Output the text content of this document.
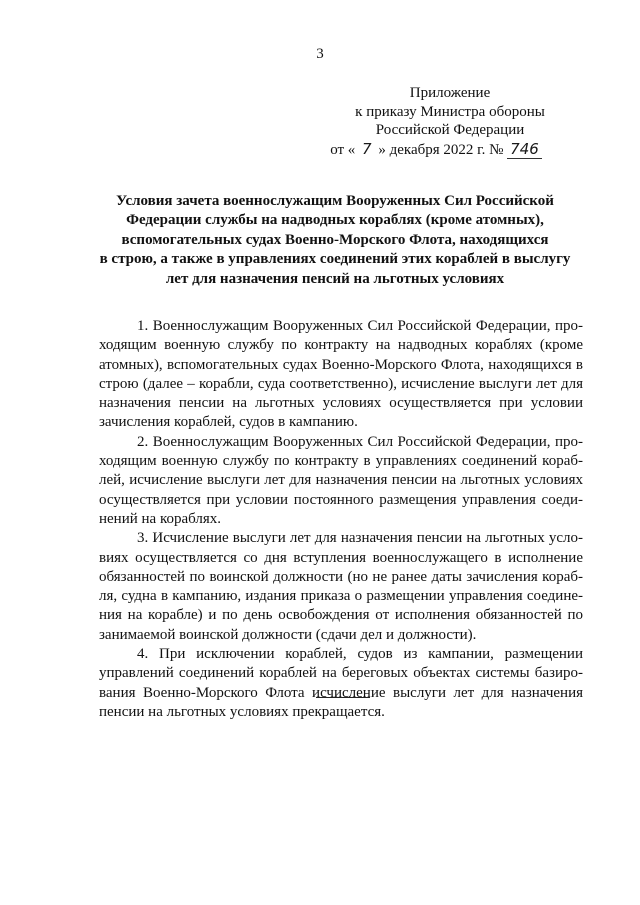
3
Приложение
к приказу Министра обороны
Российской Федерации
от « 7 » декабря 2022 г. № 746
Условия зачета военнослужащим Вооруженных Сил Российской
Федерации службы на надводных кораблях (кроме атомных),
вспомогательных судах Военно-Морского Флота, находящихся
в строю, а также в управлениях соединений этих кораблей в выслугу
лет для назначения пенсий на льготных условиях

1. Военнослужащим Вооруженных Сил Российской Федерации, проходящим военную службу по контракту на надводных кораблях (кроме атомных), вспомогательных судах Военно-Морского Флота, находящихся в строю (далее – корабли, суда соответственно), исчисление выслуги лет для назначения пенсии на льготных условиях осуществляется при условии зачисления кораблей, судов в кампанию.

2. Военнослужащим Вооруженных Сил Российской Федерации, проходящим военную службу по контракту в управлениях соединений кораблей, исчисление выслуги лет для назначения пенсии на льготных условиях осуществляется при условии постоянного размещения управления соединений на кораблях.

3. Исчисление выслуги лет для назначения пенсии на льготных условиях осуществляется со дня вступления военнослужащего в исполнение обязанностей по воинской должности (но не ранее даты зачисления корабля, судна в кампанию, издания приказа о размещении управления соединения на корабле) и по день освобождения от исполнения обязанностей по занимаемой воинской должности (сдачи дел и должности).

4. При исключении кораблей, судов из кампании, размещении управлений соединений кораблей на береговых объектах системы базирования Военно-Морского Флота исчисление выслуги лет для назначения пенсии на льготных условиях прекращается.
